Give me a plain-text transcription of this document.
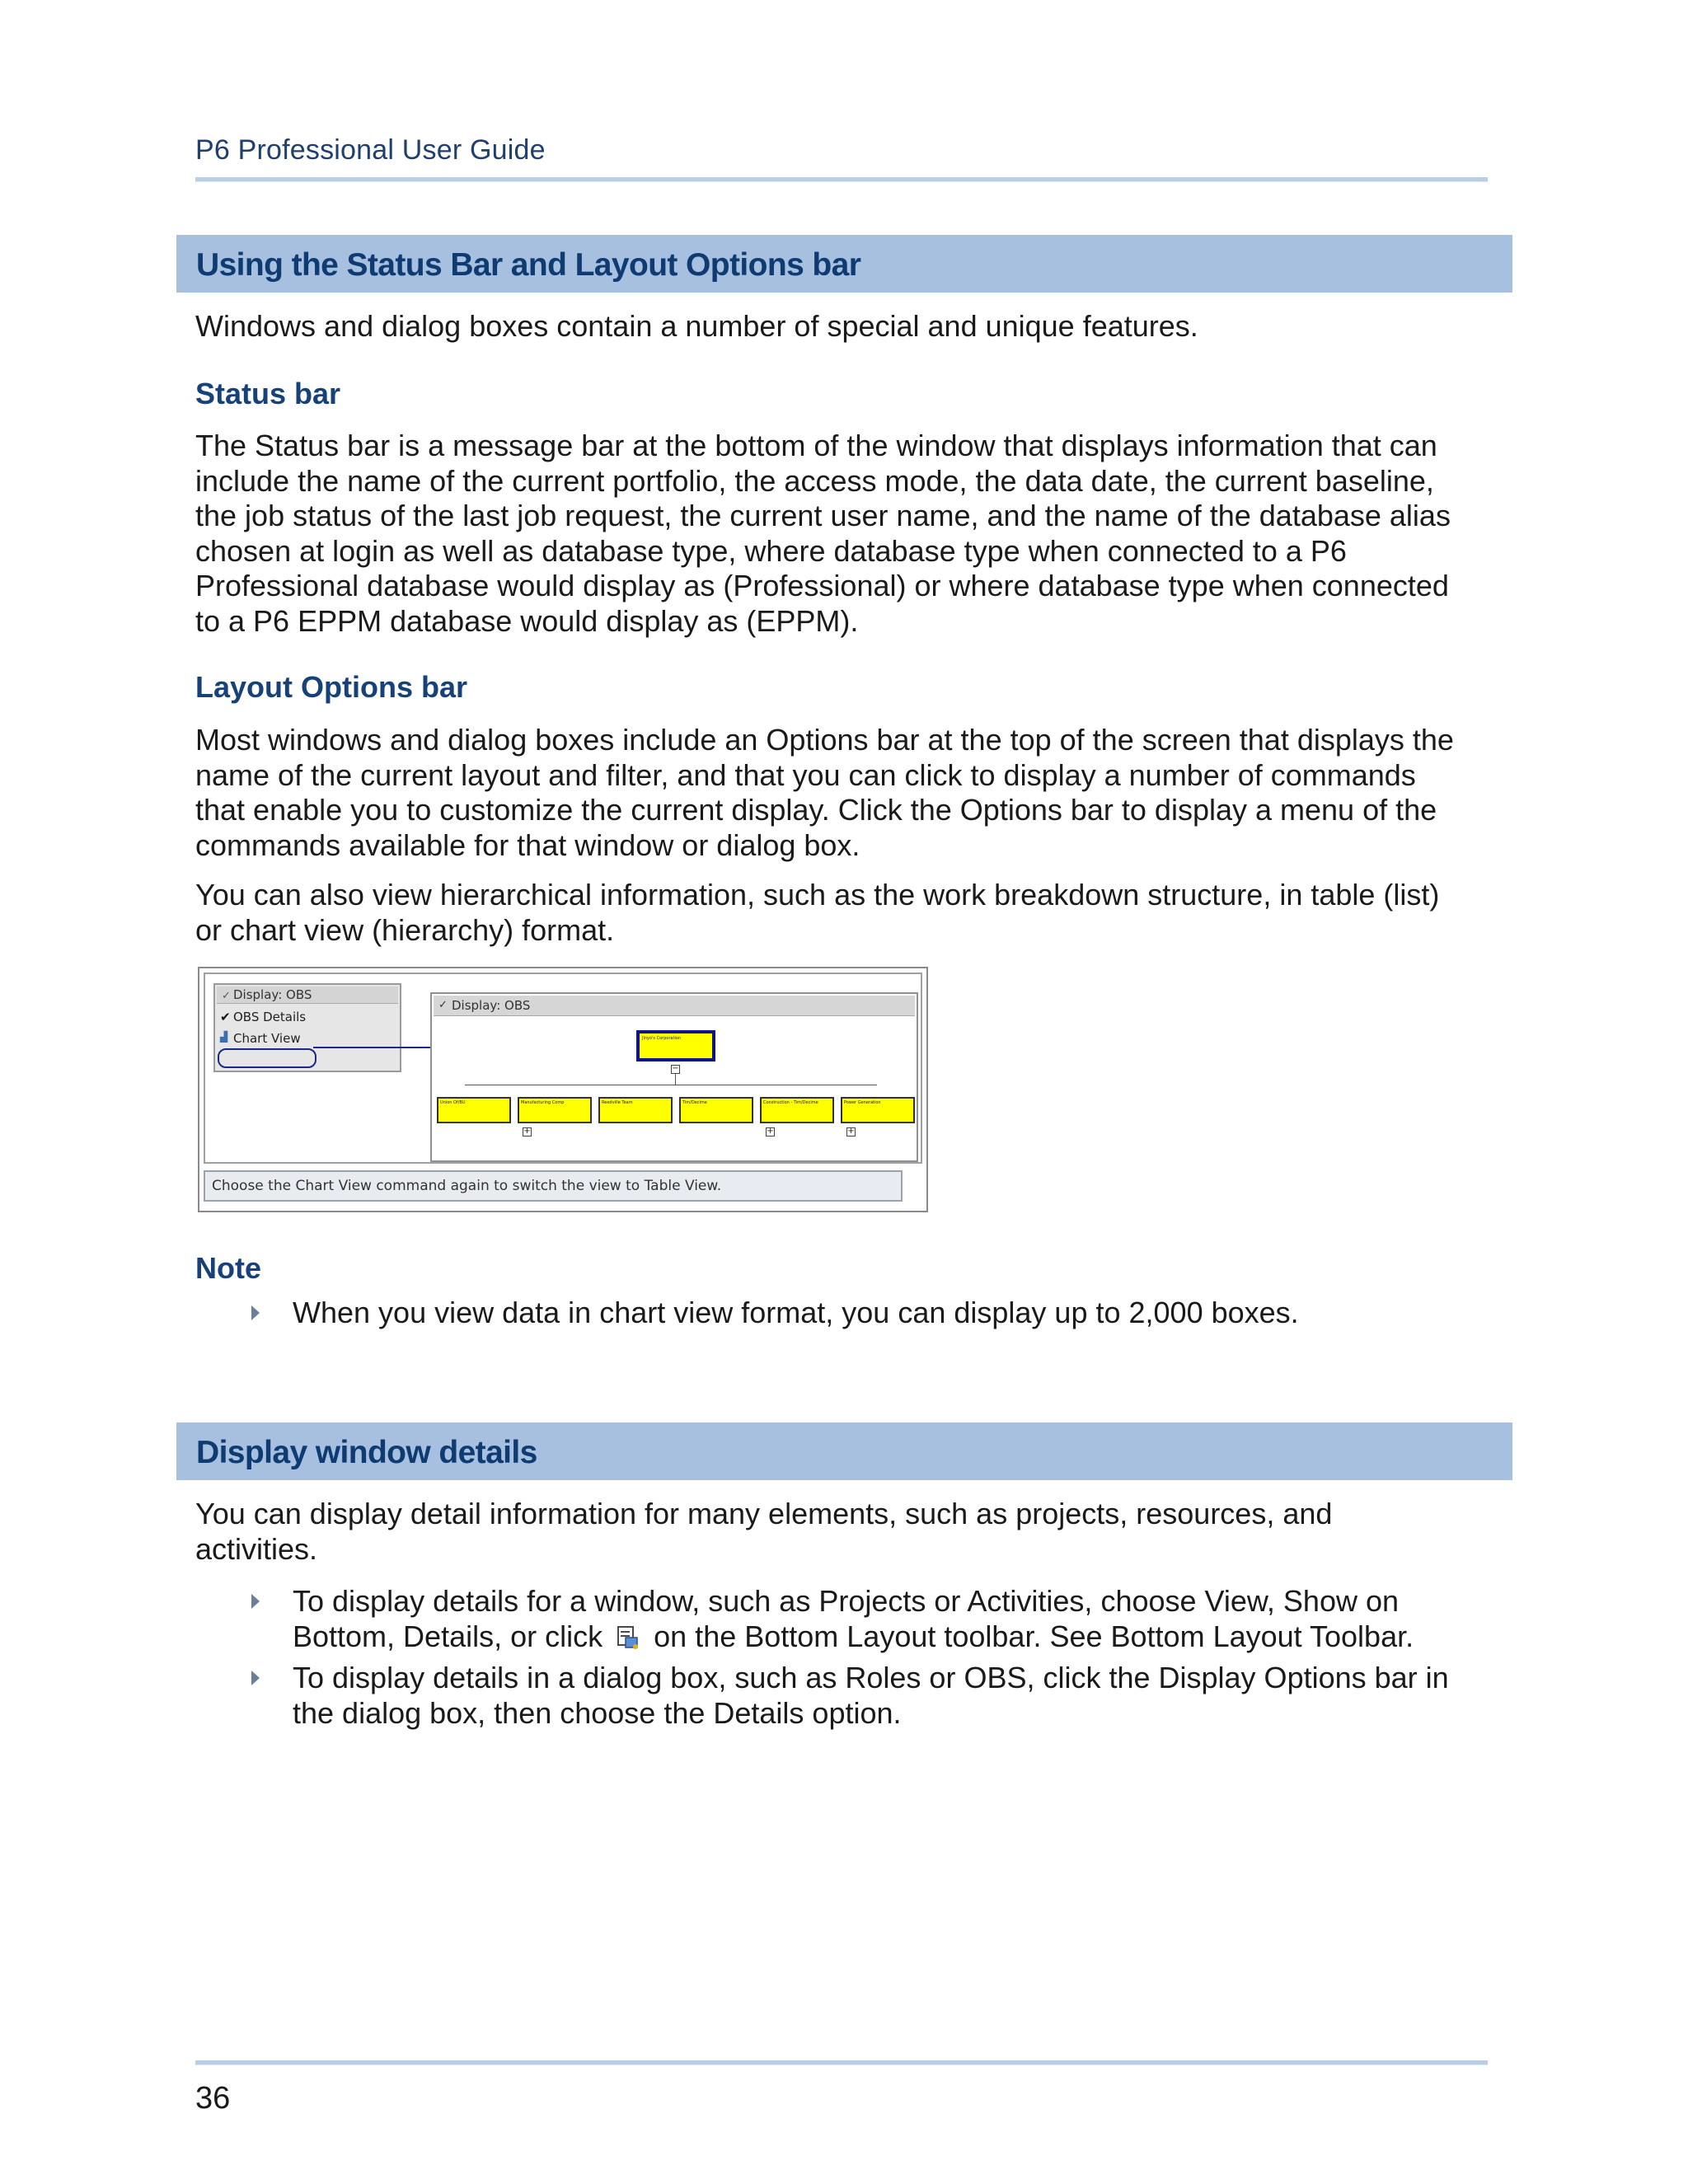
P6 Professional User Guide
Using the Status Bar and Layout Options bar
Windows and dialog boxes contain a number of special and unique features.
Status bar
The Status bar is a message bar at the bottom of the window that displays information that can
include the name of the current portfolio, the access mode, the data date, the current baseline,
the job status of the last job request, the current user name, and the name of the database alias
chosen at login as well as database type, where database type when connected to a P6
Professional database would display as (Professional) or where database type when connected
to a P6 EPPM database would display as (EPPM).
Layout Options bar
Most windows and dialog boxes include an Options bar at the top of the screen that displays the
name of the current layout and filter, and that you can click to display a number of commands
that enable you to customize the current display. Click the Options bar to display a menu of the
commands available for that window or dialog box.
You can also view hierarchical information, such as the work breakdown structure, in table (list)
or chart view (hierarchy) format.
✓ Display: OBS
✔ OBS Details
▟ Chart View
✓ Display: OBS
Jlnyo's Corporation
−
Union Of/BU	Manufacturing Comp	Reedville Team	Tim/Decime	Construction - Tim/Decime	Power Generation
+	+	+
Choose the Chart View command again to switch the view to Table View.
Note
When you view data in chart view format, you can display up to 2,000 boxes.
Display window details
You can display detail information for many elements, such as projects, resources, and
activities.
To display details for a window, such as Projects or Activities, choose View, Show on
Bottom, Details, or click on the Bottom Layout toolbar. See Bottom Layout Toolbar.
To display details in a dialog box, such as Roles or OBS, click the Display Options bar in
the dialog box, then choose the Details option.
36
